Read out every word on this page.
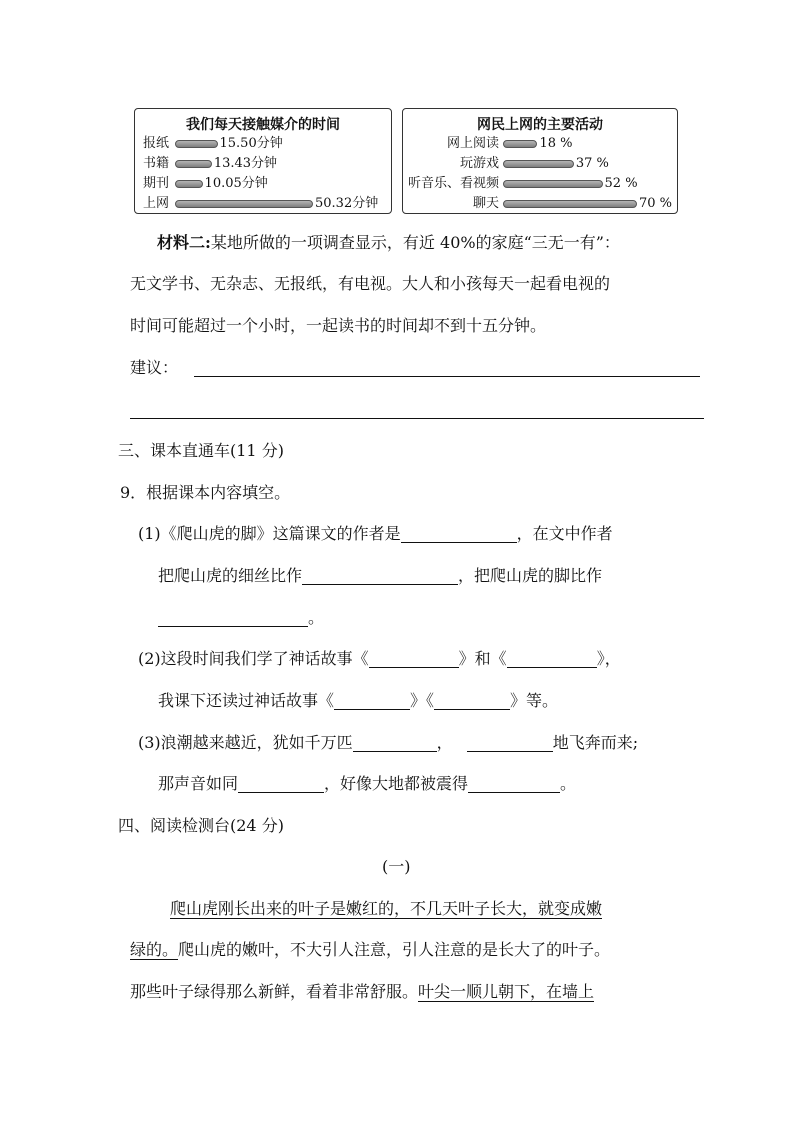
我们每天接触媒介的时间
报纸	15.50分钟
书籍	13.43分钟
期刊	10.05分钟
上网	50.32分钟
网民上网的主要活动
网上阅读	18 %
玩游戏	37 %
听音乐、看视频	52 %
聊天	70 %
材料二:某地所做的一项调查显示，有近 40%的家庭“三无一有”：
无文学书、无杂志、无报纸，有电视。大人和小孩每天一起看电视的
时间可能超过一个小时，一起读书的时间却不到十五分钟。
建议：
三、课本直通车(11 分)
9．根据课本内容填空。
(1)《爬山虎的脚》这篇课文的作者是	，在文中作者
把爬山虎的细丝比作	，把爬山虎的脚比作
。
(2)这段时间我们学了神话故事《	》和《	》，
我课下还读过神话故事《	》《	》等。
(3)浪潮越来越近，犹如千万匹	，	地飞奔而来;
那声音如同	，好像大地都被震得	。
四、阅读检测台(24 分)
(一)
爬山虎刚长出来的叶子是嫩红的，不几天叶子长大，就变成嫩
绿的。爬山虎的嫩叶，不大引人注意，引人注意的是长大了的叶子。
那些叶子绿得那么新鲜，看着非常舒服。叶尖一顺儿朝下，在墙上
